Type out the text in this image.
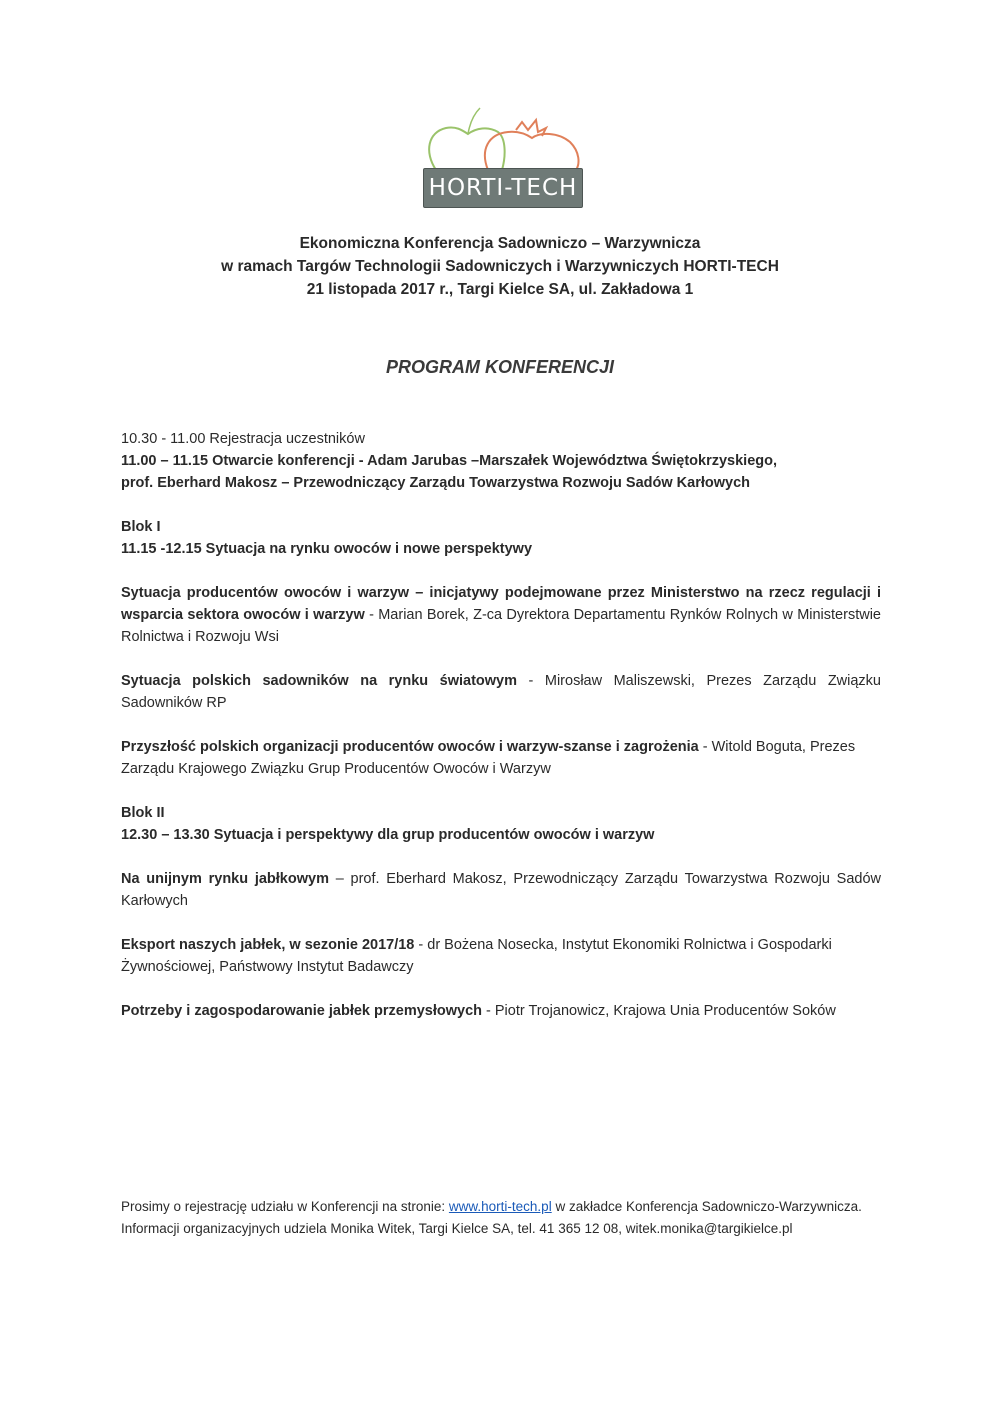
HORTI-TECH
Ekonomiczna Konferencja Sadowniczo – Warzywnicza
w ramach Targów Technologii Sadowniczych i Warzywniczych HORTI-TECH
21 listopada 2017 r., Targi Kielce SA, ul. Zakładowa 1
PROGRAM KONFERENCJI

10.30 - 11.00 Rejestracja uczestników

11.00 – 11.15 Otwarcie konferencji - Adam Jarubas –Marszałek Województwa Świętokrzyskiego,

prof. Eberhard Makosz – Przewodniczący Zarządu Towarzystwa Rozwoju Sadów Karłowych

Blok I

11.15 -12.15 Sytuacja na rynku owoców i nowe perspektywy

Sytuacja producentów owoców i warzyw – inicjatywy podejmowane przez Ministerstwo na rzecz regulacji i wsparcia sektora owoców i warzyw - Marian Borek, Z-ca Dyrektora Departamentu Rynków Rolnych w Ministerstwie Rolnictwa i Rozwoju Wsi

Sytuacja polskich sadowników na rynku światowym - Mirosław Maliszewski, Prezes Zarządu Związku Sadowników RP

Przyszłość polskich organizacji producentów owoców i warzyw-szanse i zagrożenia - Witold Boguta, Prezes Zarządu Krajowego Związku Grup Producentów Owoców i Warzyw

Blok II

12.30 – 13.30 Sytuacja i perspektywy dla grup producentów owoców i warzyw

Na unijnym rynku jabłkowym – prof. Eberhard Makosz, Przewodniczący Zarządu Towarzystwa Rozwoju Sadów Karłowych

Eksport naszych jabłek, w sezonie 2017/18 - dr Bożena Nosecka, Instytut Ekonomiki Rolnictwa i Gospodarki Żywnościowej, Państwowy Instytut Badawczy

Potrzeby i zagospodarowanie jabłek przemysłowych - Piotr Trojanowicz, Krajowa Unia Producentów Soków

Prosimy o rejestrację udziału w Konferencji na stronie: www.horti-tech.pl w zakładce Konferencja Sadowniczo-Warzywnicza. Informacji organizacyjnych udziela Monika Witek, Targi Kielce SA, tel. 41 365 12 08, witek.monika@targikielce.pl
